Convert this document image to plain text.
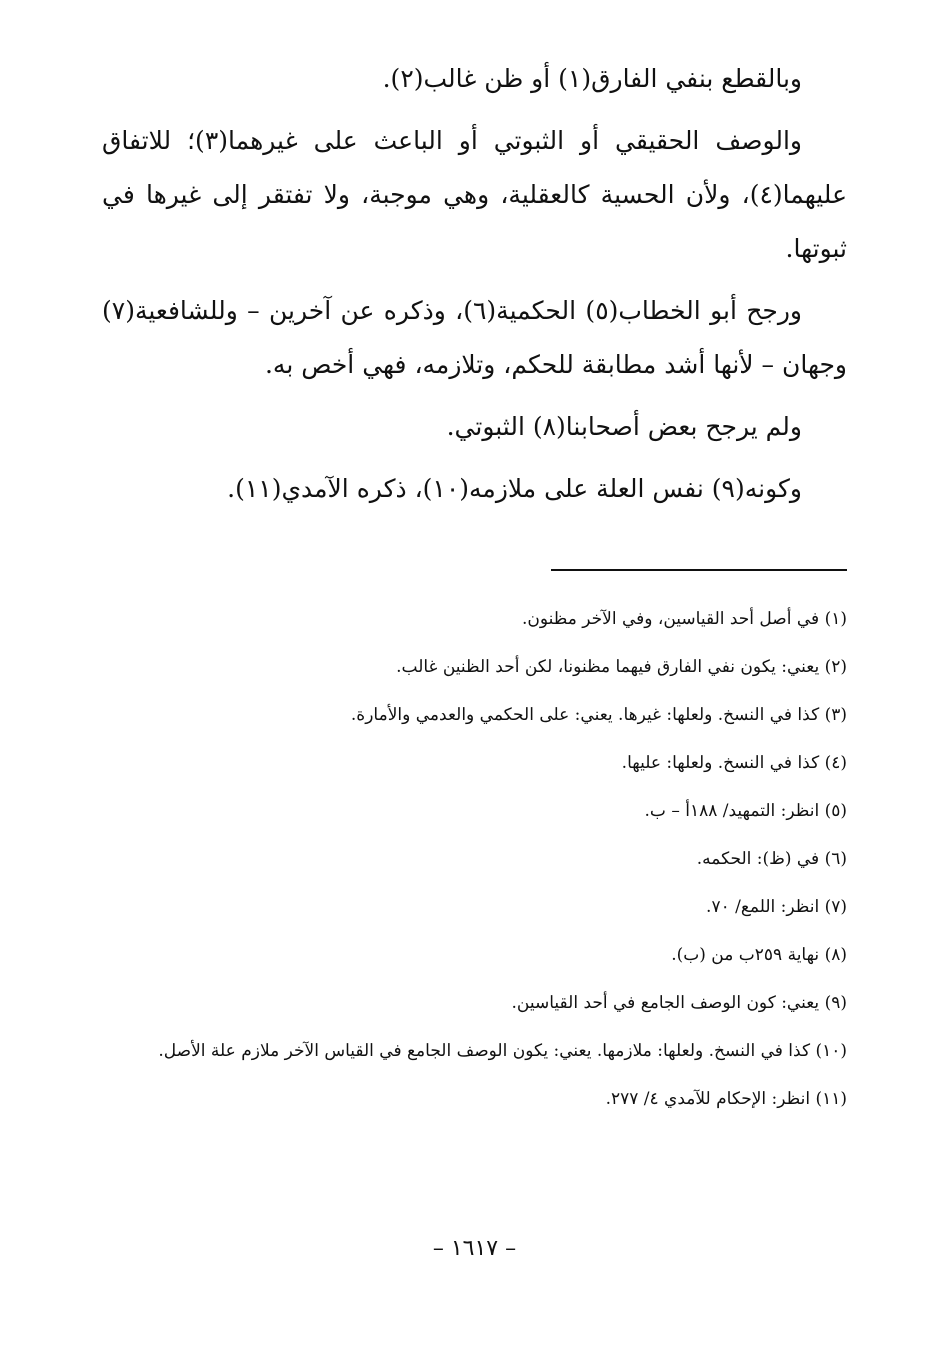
وبالقطع بنفي الفارق(١) أو ظن غالب(٢).

والوصف الحقيقي أو الثبوتي أو الباعث على غيرهما(٣)؛ للاتفاق عليهما(٤)، ولأن الحسية كالعقلية، وهي موجبة، ولا تفتقر إلى غيرها في ثبوتها.

ورجح أبو الخطاب(٥) الحكمية(٦)، وذكره عن آخرين – وللشافعية(٧) وجهان – لأنها أشد مطابقة للحكم، وتلازمه، فهي أخص به.

ولم يرجح بعض أصحابنا(٨) الثبوتي.

وكونه(٩) نفس العلة على ملازمه(١٠)، ذكره الآمدي(١١).

(١) في أصل أحد القياسين، وفي الآخر مظنون.

(٢) يعني: يكون نفي الفارق فيهما مظنونا، لكن أحد الظنين غالب.

(٣) كذا في النسخ. ولعلها: غيرها. يعني: على الحكمي والعدمي والأمارة.

(٤) كذا في النسخ. ولعلها: عليها.

(٥) انظر: التمهيد/ ١٨٨أ – ب.

(٦) في (ظ): الحكمه.

(٧) انظر: اللمع/ ٧٠.

(٨) نهاية ٢٥٩ب من (ب).

(٩) يعني: كون الوصف الجامع في أحد القياسين.

(١٠) كذا في النسخ. ولعلها: ملازمها. يعني: يكون الوصف الجامع في القياس الآخر ملازم علة الأصل.

(١١) انظر: الإحكام للآمدي ٤/ ٢٧٧.

– ١٦١٧ –
